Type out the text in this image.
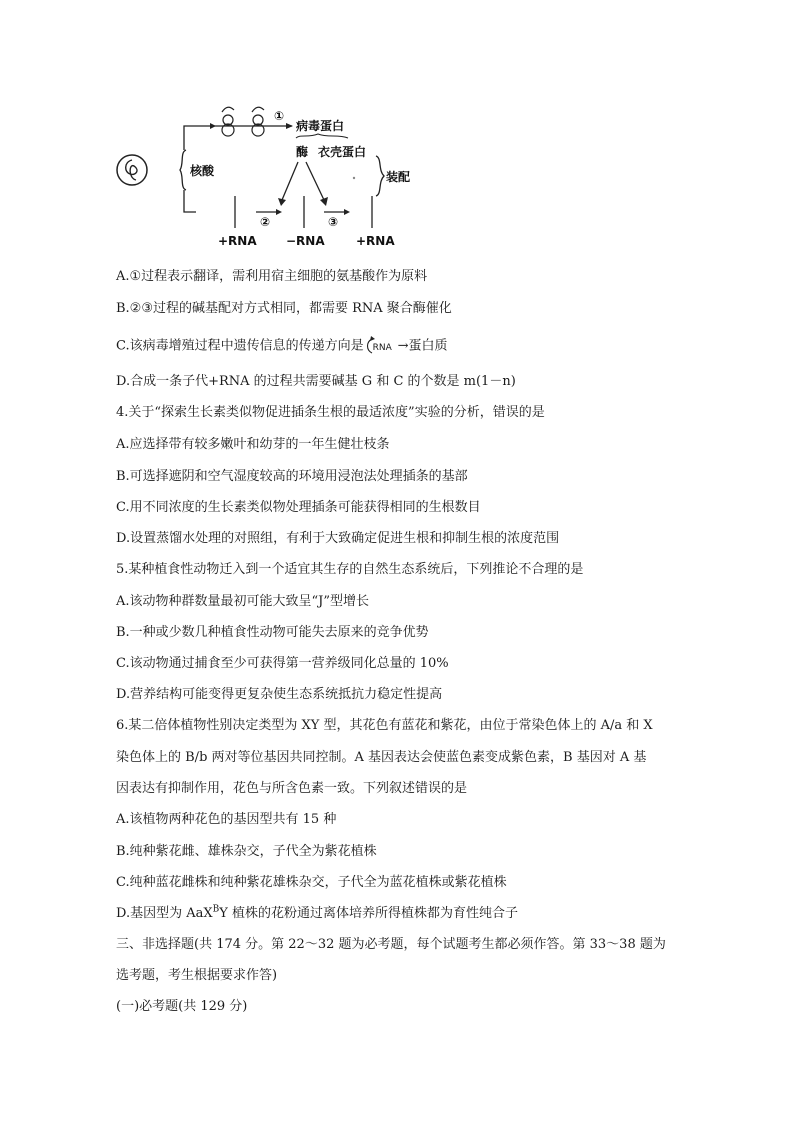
核酸
①
病毒蛋白
酶 衣壳蛋白
②	③
装配
+RNA −RNA	+RNA
A.①过程表示翻译，需利用宿主细胞的氨基酸作为原料
B.②③过程的碱基配对方式相同，都需要 RNA 聚合酶催化
C.该病毒增殖过程中遗传信息的传递方向是 RNA →蛋白质
D.合成一条子代+RNA 的过程共需要碱基 G 和 C 的个数是 m(1－n)
4.关于“探索生长素类似物促进插条生根的最适浓度”实验的分析，错误的是
A.应选择带有较多嫩叶和幼芽的一年生健壮枝条
B.可选择遮阴和空气湿度较高的环境用浸泡法处理插条的基部
C.用不同浓度的生长素类似物处理插条可能获得相同的生根数目
D.设置蒸馏水处理的对照组，有利于大致确定促进生根和抑制生根的浓度范围
5.某种植食性动物迁入到一个适宜其生存的自然生态系统后，下列推论不合理的是
A.该动物种群数量最初可能大致呈“J”型增长
B.一种或少数几种植食性动物可能失去原来的竞争优势
C.该动物通过捕食至少可获得第一营养级同化总量的 10%
D.营养结构可能变得更复杂使生态系统抵抗力稳定性提高
6.某二倍体植物性别决定类型为 XY 型，其花色有蓝花和紫花，由位于常染色体上的 A/a 和 X
染色体上的 B/b 两对等位基因共同控制。A 基因表达会使蓝色素变成紫色素，B 基因对 A 基
因表达有抑制作用，花色与所含色素一致。下列叙述错误的是
A.该植物两种花色的基因型共有 15 种
B.纯种紫花雌、雄株杂交，子代全为紫花植株
C.纯种蓝花雌株和纯种紫花雄株杂交，子代全为蓝花植株或紫花植株
D.基因型为 AaX$^B$Y 植株的花粉通过离体培养所得植株都为育性纯合子
三、非选择题(共 174 分。第 22～32 题为必考题，每个试题考生都必须作答。第 33～38 题为
选考题，考生根据要求作答)
(一)必考题(共 129 分)
